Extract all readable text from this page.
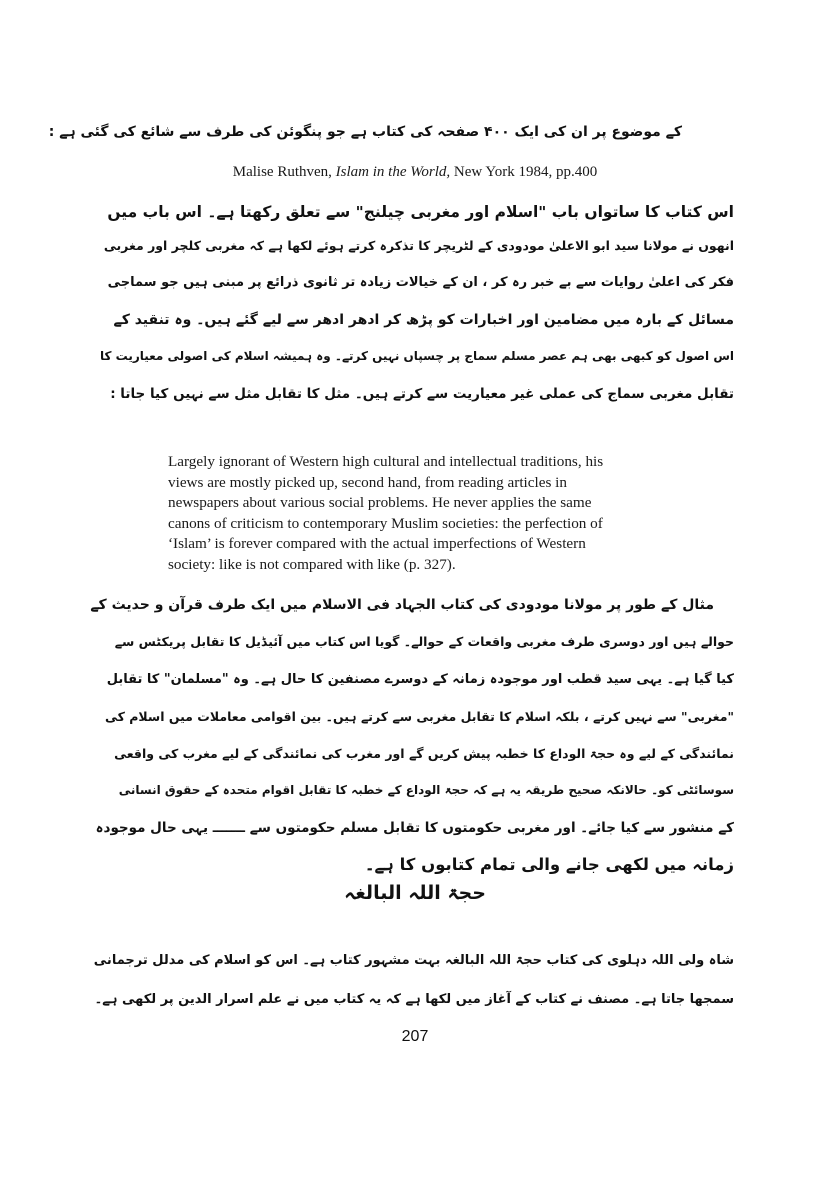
کے موضوع پر ان کی ایک ۴۰۰ صفحہ کی کتاب ہے جو پنگوئن کی طرف سے شائع کی گئی ہے :
Malise Ruthven, Islam in the World, New York 1984, pp.400
اس کتاب کا ساتواں باب "اسلام اور مغربی چیلنج" سے تعلق رکھتا ہے۔ اس باب میں
انھوں نے مولانا سید ابو الاعلیٰ مودودی کے لٹریچر کا تذکرہ کرتے ہوئے لکھا ہے کہ مغربی کلچر اور مغربی
فکر کی اعلیٰ روایات سے بے خبر رہ کر ، ان کے خیالات زیادہ تر ثانوی ذرائع پر مبنی ہیں جو سماجی
مسائل کے بارہ میں مضامین اور اخبارات کو پڑھ کر ادھر ادھر سے لیے گئے ہیں۔ وہ تنقید کے
اس اصول کو کبھی بھی ہم عصر مسلم سماج پر چسپاں نہیں کرتے۔ وہ ہمیشہ اسلام کی اصولی معیاریت کا
تقابل مغربی سماج کی عملی غیر معیاریت سے کرتے ہیں۔ مثل کا تقابل مثل سے نہیں کیا جاتا :
Largely ignorant of Western high cultural and intellectual traditions, his
views are mostly picked up, second hand, from reading articles in
newspapers about various social problems. He never applies the same
canons of criticism to contemporary Muslim societies: the perfection of
‘Islam’ is forever compared with the actual imperfections of Western
society: like is not compared with like (p. 327).
مثال کے طور پر مولانا مودودی کی کتاب الجہاد فی الاسلام میں ایک طرف قرآن و حدیث کے
حوالے ہیں اور دوسری طرف مغربی واقعات کے حوالے۔ گویا اس کتاب میں آئیڈیل کا تقابل پریکٹس سے
کیا گیا ہے۔ یہی سید قطب اور موجودہ زمانہ کے دوسرے مصنفین کا حال ہے۔ وہ "مسلمان" کا تقابل
"مغربی" سے نہیں کرتے ، بلکہ اسلام کا تقابل مغربی سے کرتے ہیں۔ بین اقوامی معاملات میں اسلام کی
نمائندگی کے لیے وہ حجۃ الوداع کا خطبہ پیش کریں گے اور مغرب کی نمائندگی کے لیے مغرب کی واقعی
سوسائٹی کو۔ حالانکہ صحیح طریقہ یہ ہے کہ حجۃ الوداع کے خطبہ کا تقابل اقوام متحدہ کے حقوق انسانی
کے منشور سے کیا جائے۔ اور مغربی حکومتوں کا تقابل مسلم حکومتوں سے ـــــــ یہی حال موجودہ
زمانہ میں لکھی جانے والی تمام کتابوں کا ہے۔
حجۃ اللہ البالغہ
شاہ ولی اللہ دہلوی کی کتاب حجۃ اللہ البالغہ بہت مشہور کتاب ہے۔ اس کو اسلام کی مدلل ترجمانی
سمجھا جاتا ہے۔ مصنف نے کتاب کے آغاز میں لکھا ہے کہ یہ کتاب میں نے علم اسرار الدین پر لکھی ہے۔
207
